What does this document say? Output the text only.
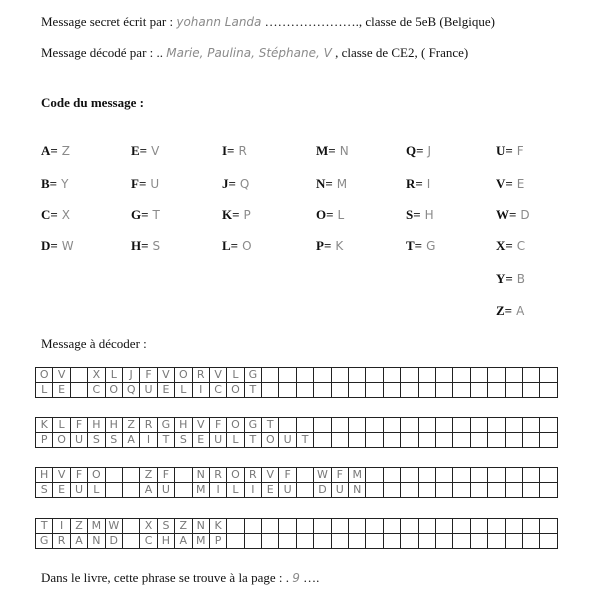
Message secret écrit par : yohann Landa …………………., classe de 5eB (Belgique)
Message décodé par : .. Marie, Paulina, Stéphane, V , classe de CE2, ( France)
Code du message :
A= Z
B= Y
C= X
D= W
E= V
F= U
G= T
H= S
I= R
J= Q
K= P
L= O
M= N
N= M
O= L
P= K
Q= J
R= I
S= H
T= G
U= F
V= E
W= D
X= C
Y= B
Z= A
Message à décoder :
O	V		X	L	J	F	V	O	R	V	L	G																	
L	E		C	O	Q	U	E	L	I	C	O	T																	
K	L	F	H	H	Z	R	G	H	V	F	O	G	T																
P	O	U	S	S	A	I	T	S	E	U	L	T	O	U	T														
H	V	F	O			Z	F		N	R	O	R	V	F		W	F	M											
S	E	U	L			A	U		M	I	L	I	E	U		D	U	N											
T	I	Z	M	W		X	S	Z	N	K																			
G	R	A	N	D		C	H	A	M	P																			
Dans le livre, cette phrase se trouve à la page : . 9 ….
